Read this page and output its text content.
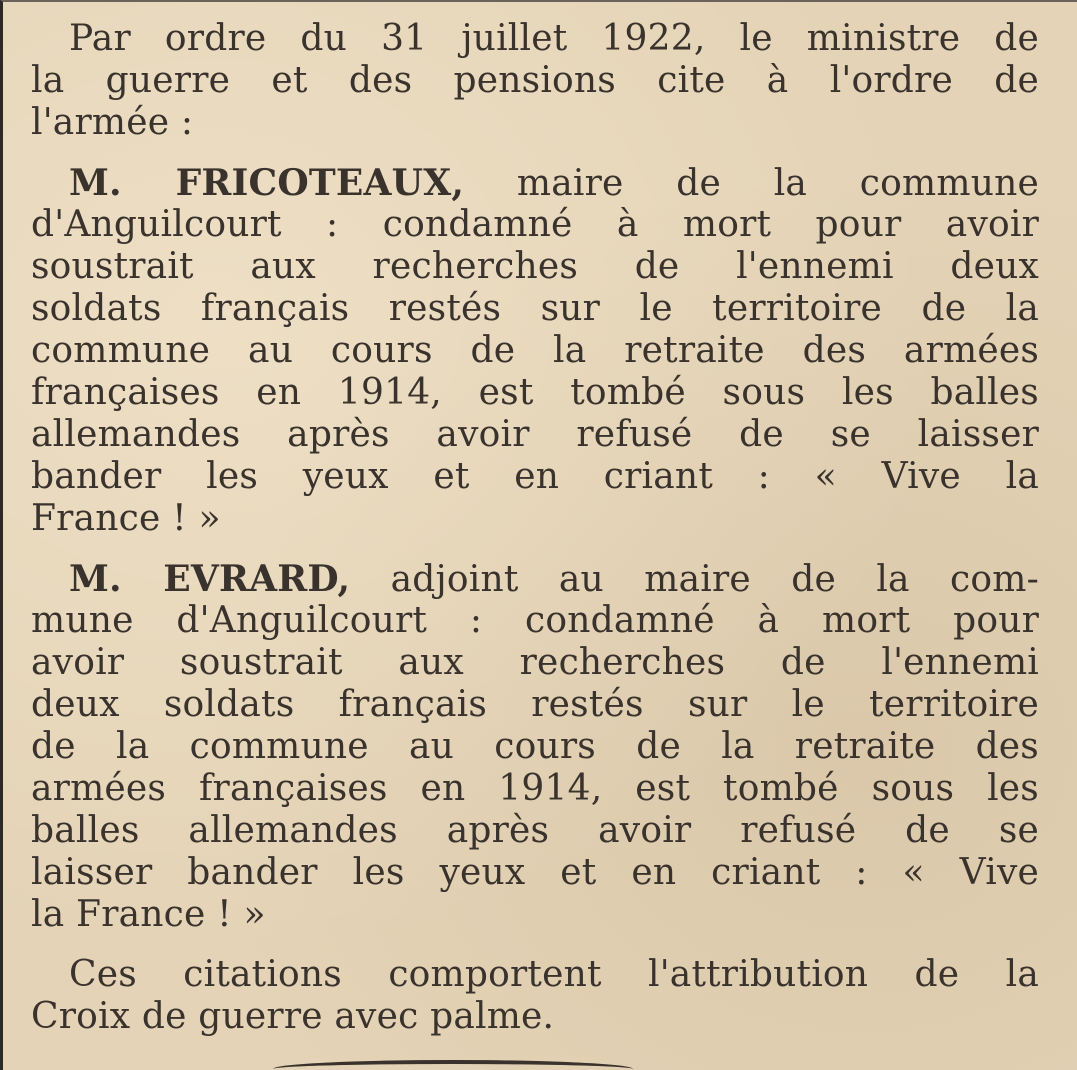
Par ordre du 31 juillet 1922, le ministre de

la guerre et des pensions cite à l'ordre de

l'armée :

M. FRICOTEAUX, maire de la commune

d'Anguilcourt : condamné à mort pour avoir

soustrait aux recherches de l'ennemi deux

soldats français restés sur le territoire de la

commune au cours de la retraite des armées

françaises en 1914, est tombé sous les balles

allemandes après avoir refusé de se laisser

bander les yeux et en criant : « Vive la

France ! »

M. EVRARD, adjoint au maire de la com-

mune d'Anguilcourt : condamné à mort pour

avoir soustrait aux recherches de l'ennemi

deux soldats français restés sur le territoire

de la commune au cours de la retraite des

armées françaises en 1914, est tombé sous les

balles allemandes après avoir refusé de se

laisser bander les yeux et en criant : « Vive

la France ! »

Ces citations comportent l'attribution de la

Croix de guerre avec palme.
